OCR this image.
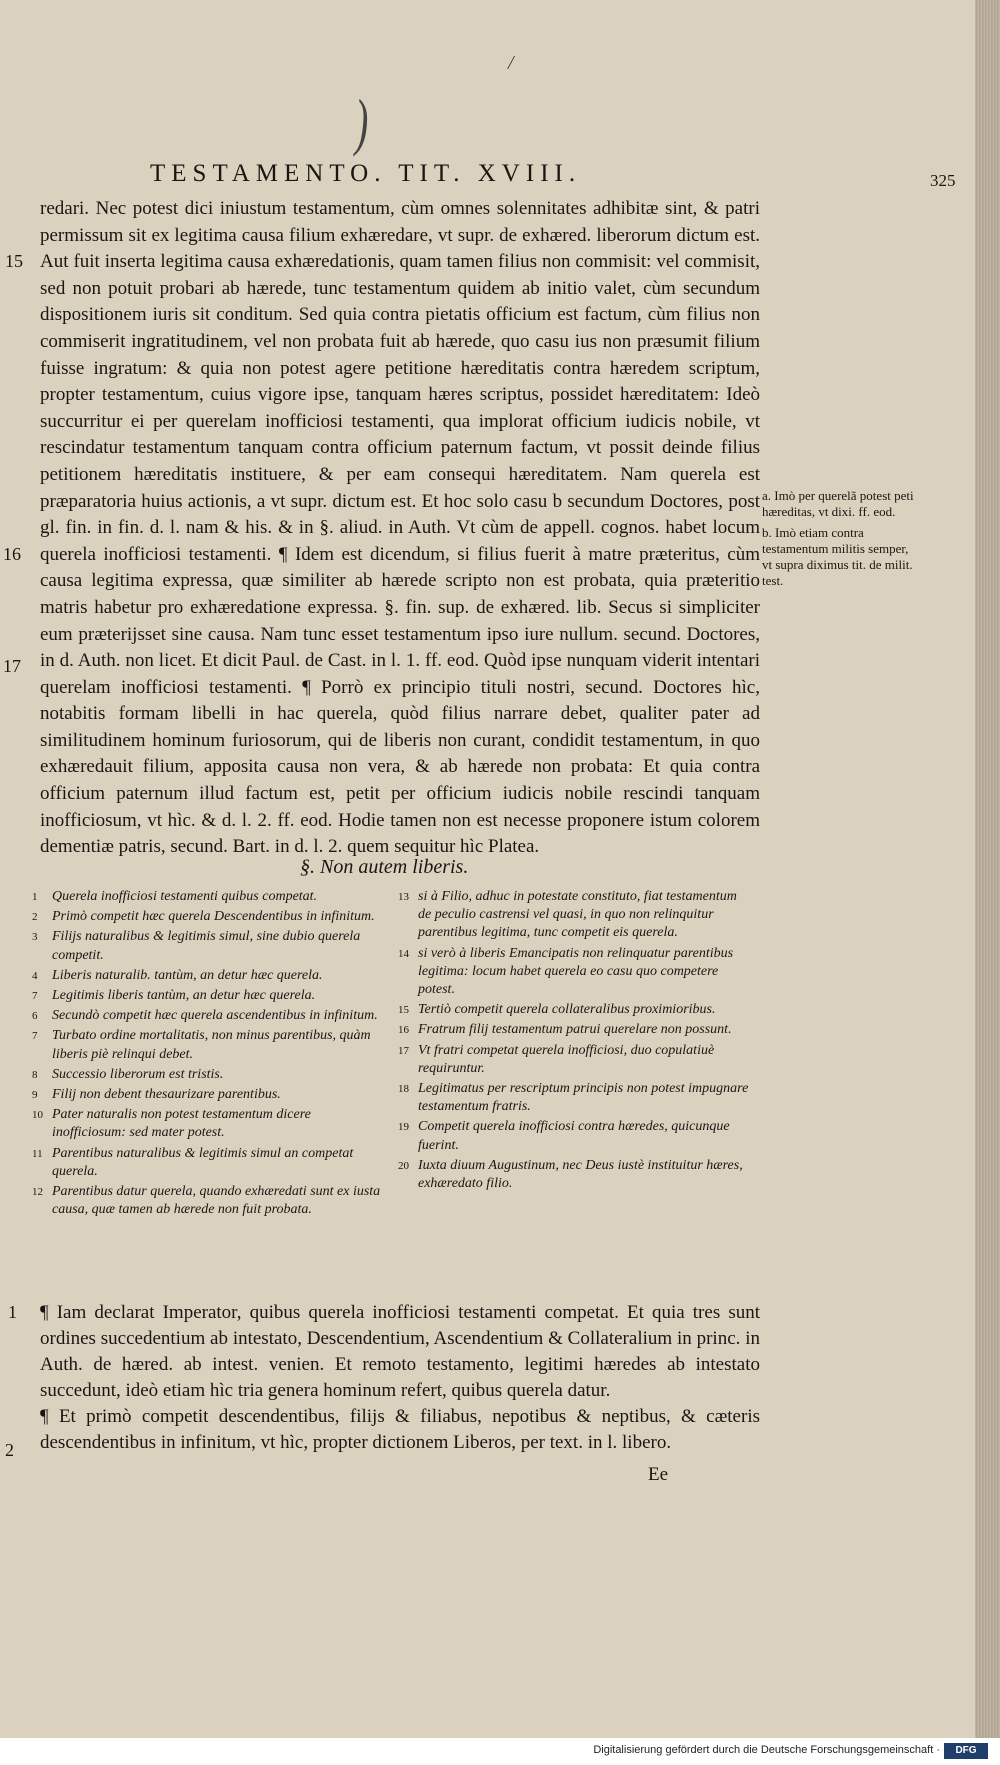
/
)
TESTAMENTO. TIT. XVIII.	325
15
16
17

redari. Nec potest dici iniustum testamentum, cùm omnes solennitates adhibitæ sint, & patri permissum sit ex legitima causa filium exhæredare, vt supr. de exhæred. liberorum dictum est. Aut fuit inserta legitima causa exhæredationis, quam tamen filius non commisit: vel commisit, sed non potuit probari ab hærede, tunc testamentum quidem ab initio valet, cùm secundum dispositionem iuris sit conditum. Sed quia contra pietatis officium est factum, cùm filius non commiserit ingratitudinem, vel non probata fuit ab hærede, quo casu ius non præsumit filium fuisse ingratum: & quia non potest agere petitione hæreditatis contra hæredem scriptum, propter testamentum, cuius vigore ipse, tanquam hæres scriptus, possidet hæreditatem: Ideò succurritur ei per querelam inofficiosi testamenti, qua implorat officium iudicis nobile, vt rescindatur testamentum tanquam contra officium paternum factum, vt possit deinde filius petitionem hæreditatis instituere, & per eam consequi hæreditatem. Nam querela est præparatoria huius actionis, a vt supr. dictum est. Et hoc solo casu b secundum Doctores, post gl. fin. in fin. d. l. nam & his. & in §. aliud. in Auth. Vt cùm de appell. cognos. habet locum querela inofficiosi testamenti. ¶ Idem est dicendum, si filius fuerit à matre præteritus, cùm causa legitima expressa, quæ similiter ab hærede scripto non est probata, quia præteritio matris habetur pro exhæredatione expressa. §. fin. sup. de exhæred. lib. Secus si simpliciter eum præterijsset sine causa. Nam tunc esset testamentum ipso iure nullum. secund. Doctores, in d. Auth. non licet. Et dicit Paul. de Cast. in l. 1. ff. eod. Quòd ipse nunquam viderit intentari querelam inofficiosi testamenti. ¶ Porrò ex principio tituli nostri, secund. Doctores hìc, notabitis formam libelli in hac querela, quòd filius narrare debet, qualiter pater ad similitudinem hominum furiosorum, qui de liberis non curant, condidit testamentum, in quo exhæredauit filium, apposita causa non vera, & ab hærede non probata: Et quia contra officium paternum illud factum est, petit per officium iudicis nobile rescindi tanquam inofficiosum, vt hìc. & d. l. 2. ff. eod. Hodie tamen non est necesse proponere istum colorem dementiæ patris, secund. Bart. in d. l. 2. quem sequitur hìc Platea.

a. Imò per querelã potest peti hæreditas, vt dixi. ff. eod.

b. Imò etiam contra testamentum militis semper, vt supra diximus tit. de milit. test.

§. Non autem liberis.
1 Querela inofficiosi testamenti quibus competat.
2 Primò competit hæc querela Descendentibus in infinitum.
3 Filijs naturalibus & legitimis simul, sine dubio querela competit.
4 Liberis naturalib. tantùm, an detur hæc querela.
7 Legitimis liberis tantùm, an detur hæc querela.
6 Secundò competit hæc querela ascendentibus in infinitum.
7 Turbato ordine mortalitatis, non minus parentibus, quàm liberis piè relinqui debet.
8 Successio liberorum est tristis.
9 Filij non debent thesaurizare parentibus.
10 Pater naturalis non potest testamentum dicere inofficiosum: sed mater potest.
11 Parentibus naturalibus & legitimis simul an competat querela.
12 Parentibus datur querela, quando exhæredati sunt ex iusta causa, quæ tamen ab hærede non fuit probata.
13 si à Filio, adhuc in potestate constituto, fiat testamentum de peculio castrensi vel quasi, in quo non relinquitur parentibus legitima, tunc competit eis querela.
14 si verò à liberis Emancipatis non relinquatur parentibus legitima: locum habet querela eo casu quo competere potest.
15 Tertiò competit querela collateralibus proximioribus.
16 Fratrum filij testamentum patrui querelare non possunt.
17 Vt fratri competat querela inofficiosi, duo copulatiuè requiruntur.
18 Legitimatus per rescriptum principis non potest impugnare testamentum fratris.
19 Competit querela inofficiosi contra hæredes, quicunque fuerint.
20 Iuxta diuum Augustinum, nec Deus iustè instituitur hæres, exhæredato filio.
1
2

¶ Iam declarat Imperator, quibus querela inofficiosi testamenti competat. Et quia tres sunt ordines succedentium ab intestato, Descendentium, Ascendentium & Collateralium in princ. in Auth. de hæred. ab intest. venien. Et remoto testamento, legitimi hæredes ab intestato succedunt, ideò etiam hìc tria genera hominum refert, quibus querela datur.

¶ Et primò competit descendentibus, filijs & filiabus, nepotibus & neptibus, & cæteris descendentibus in infinitum, vt hìc, propter dictionem Liberos, per text. in l. libero.

Ee
Digitalisierung gefördert durch die Deutsche Forschungsgemeinschaft ·	DFG
